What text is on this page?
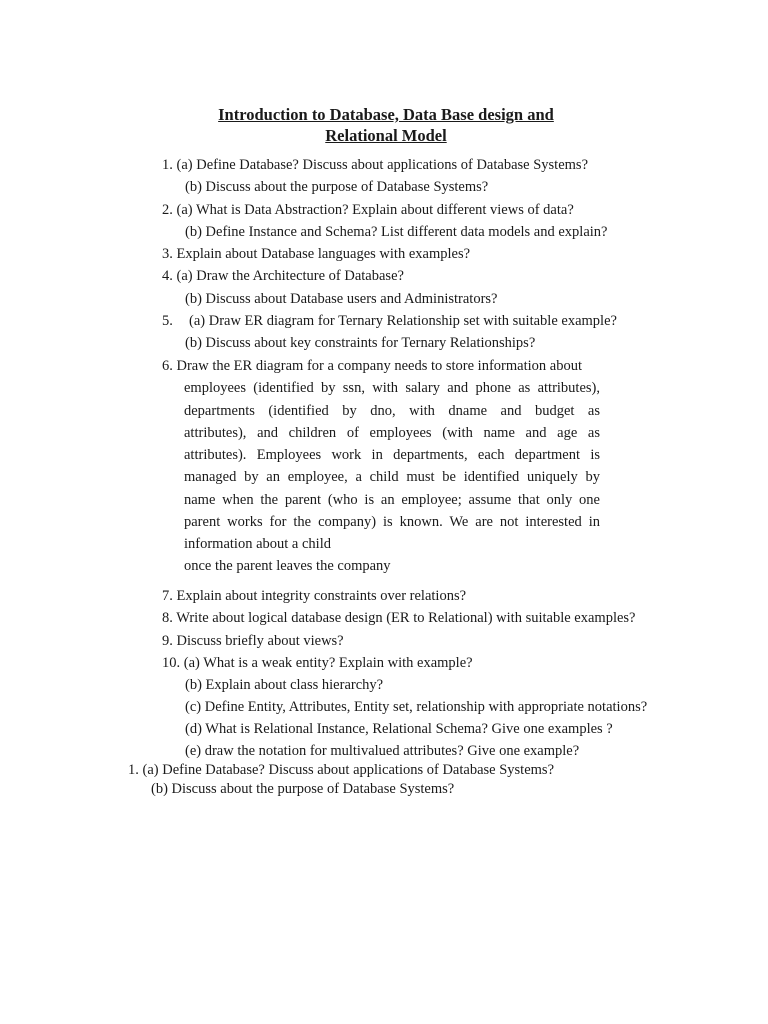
Introduction to Database, Data Base design and
Relational Model

1. (a) Define Database? Discuss about applications of Database Systems?

(b) Discuss about the purpose of Database Systems?

2. (a) What is Data Abstraction? Explain about different views of data?

(b) Define Instance and Schema? List different data models and explain?

3. Explain about Database languages with examples?

4. (a) Draw the Architecture of Database?

(b) Discuss about Database users and Administrators?

5. (a) Draw ER diagram for Ternary Relationship set with suitable example?

(b) Discuss about key constraints for Ternary Relationships?

6. Draw the ER diagram for a company needs to store information about

employees (identified by ssn, with salary and phone as attributes),

departments (identified by dno, with dname and budget as

attributes), and children of employees (with name and age as

attributes). Employees work in departments, each department is

managed by an employee, a child must be identified uniquely by

name when the parent (who is an employee; assume that only one

parent works for the company) is known. We are not interested in

information about a child

once the parent leaves the company

7. Explain about integrity constraints over relations?

8. Write about logical database design (ER to Relational) with suitable examples?

9. Discuss briefly about views?

10. (a) What is a weak entity? Explain with example?

(b) Explain about class hierarchy?

(c) Define Entity, Attributes, Entity set, relationship with appropriate notations?

(d) What is Relational Instance, Relational Schema? Give one examples ?

(e) draw the notation for multivalued attributes? Give one example?

1. (a) Define Database? Discuss about applications of Database Systems?

(b) Discuss about the purpose of Database Systems?
